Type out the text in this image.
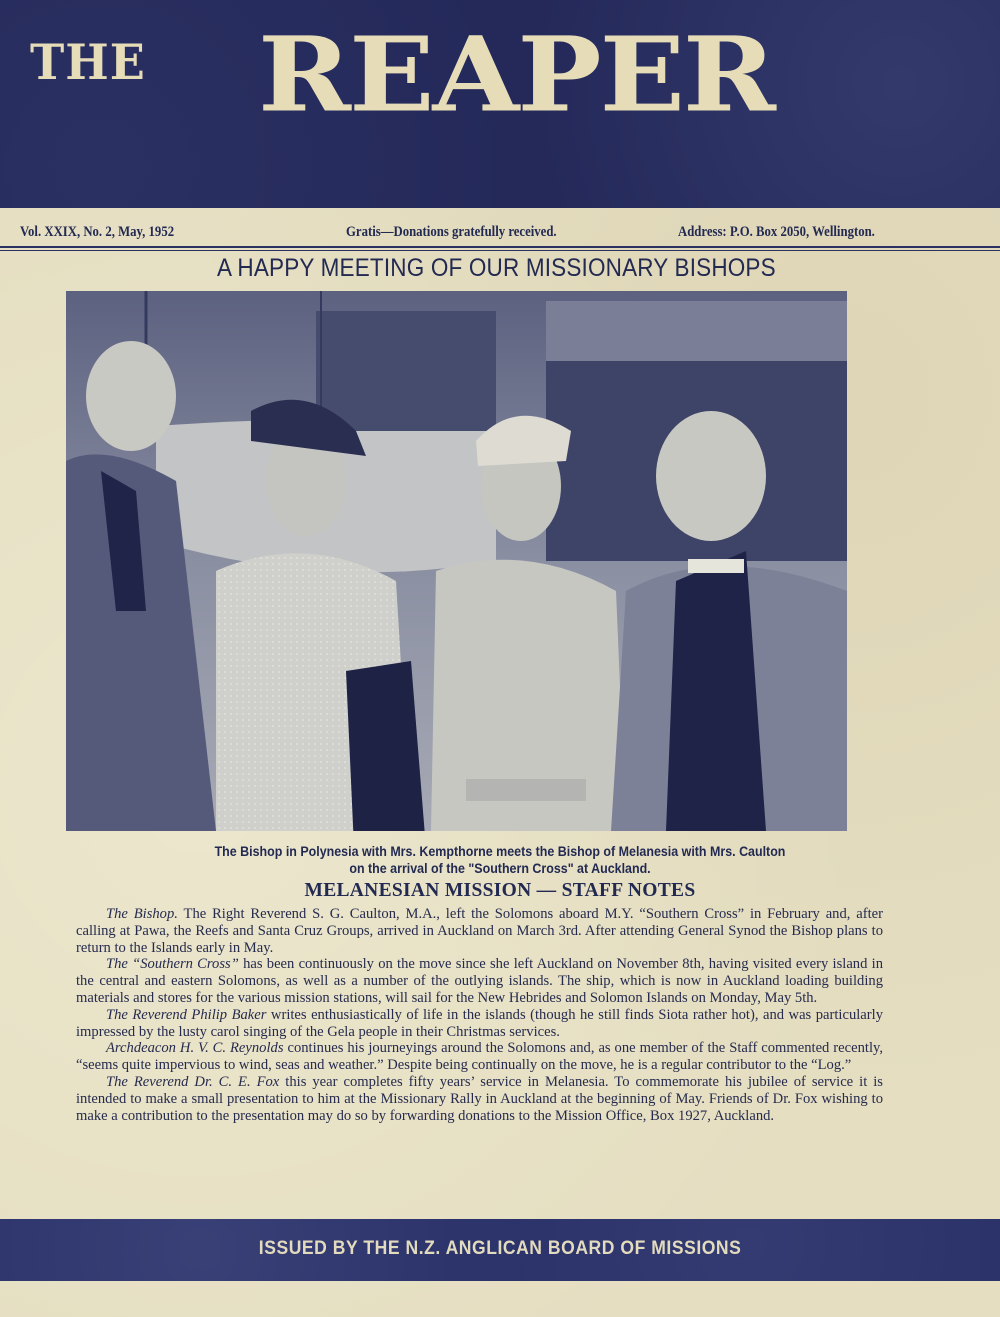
THE REAPER
Vol. XXIX, No. 2, May, 1952	Gratis—Donations gratefully received.	Address: P.O. Box 2050, Wellington.
A HAPPY MEETING OF OUR MISSIONARY BISHOPS
The Bishop in Polynesia with Mrs. Kempthorne meets the Bishop of Melanesia with Mrs. Caulton
on the arrival of the "Southern Cross" at Auckland.
MELANESIAN MISSION — STAFF NOTES

The Bishop. The Right Reverend S. G. Caulton, M.A., left the Solomons aboard M.Y. “Southern Cross” in February and, after calling at Pawa, the Reefs and Santa Cruz Groups, arrived in Auckland on March 3rd. After attending General Synod the Bishop plans to return to the Islands early in May.

The “Southern Cross” has been continuously on the move since she left Auckland on November 8th, having visited every island in the central and eastern Solomons, as well as a number of the outlying islands. The ship, which is now in Auckland loading building materials and stores for the various mission stations, will sail for the New Hebrides and Solomon Islands on Monday, May 5th.

The Reverend Philip Baker writes enthusiastically of life in the islands (though he still finds Siota rather hot), and was particularly impressed by the lusty carol singing of the Gela people in their Christmas services.

Archdeacon H. V. C. Reynolds continues his journeyings around the Solomons and, as one member of the Staff commented recently, “seems quite impervious to wind, seas and weather.” Despite being continually on the move, he is a regular contributor to the “Log.”

The Reverend Dr. C. E. Fox this year completes fifty years’ service in Melanesia. To commemorate his jubilee of service it is intended to make a small presentation to him at the Missionary Rally in Auckland at the beginning of May. Friends of Dr. Fox wishing to make a contribution to the presentation may do so by forwarding donations to the Mission Office, Box 1927, Auckland.

ISSUED BY THE N.Z. ANGLICAN BOARD OF MISSIONS
